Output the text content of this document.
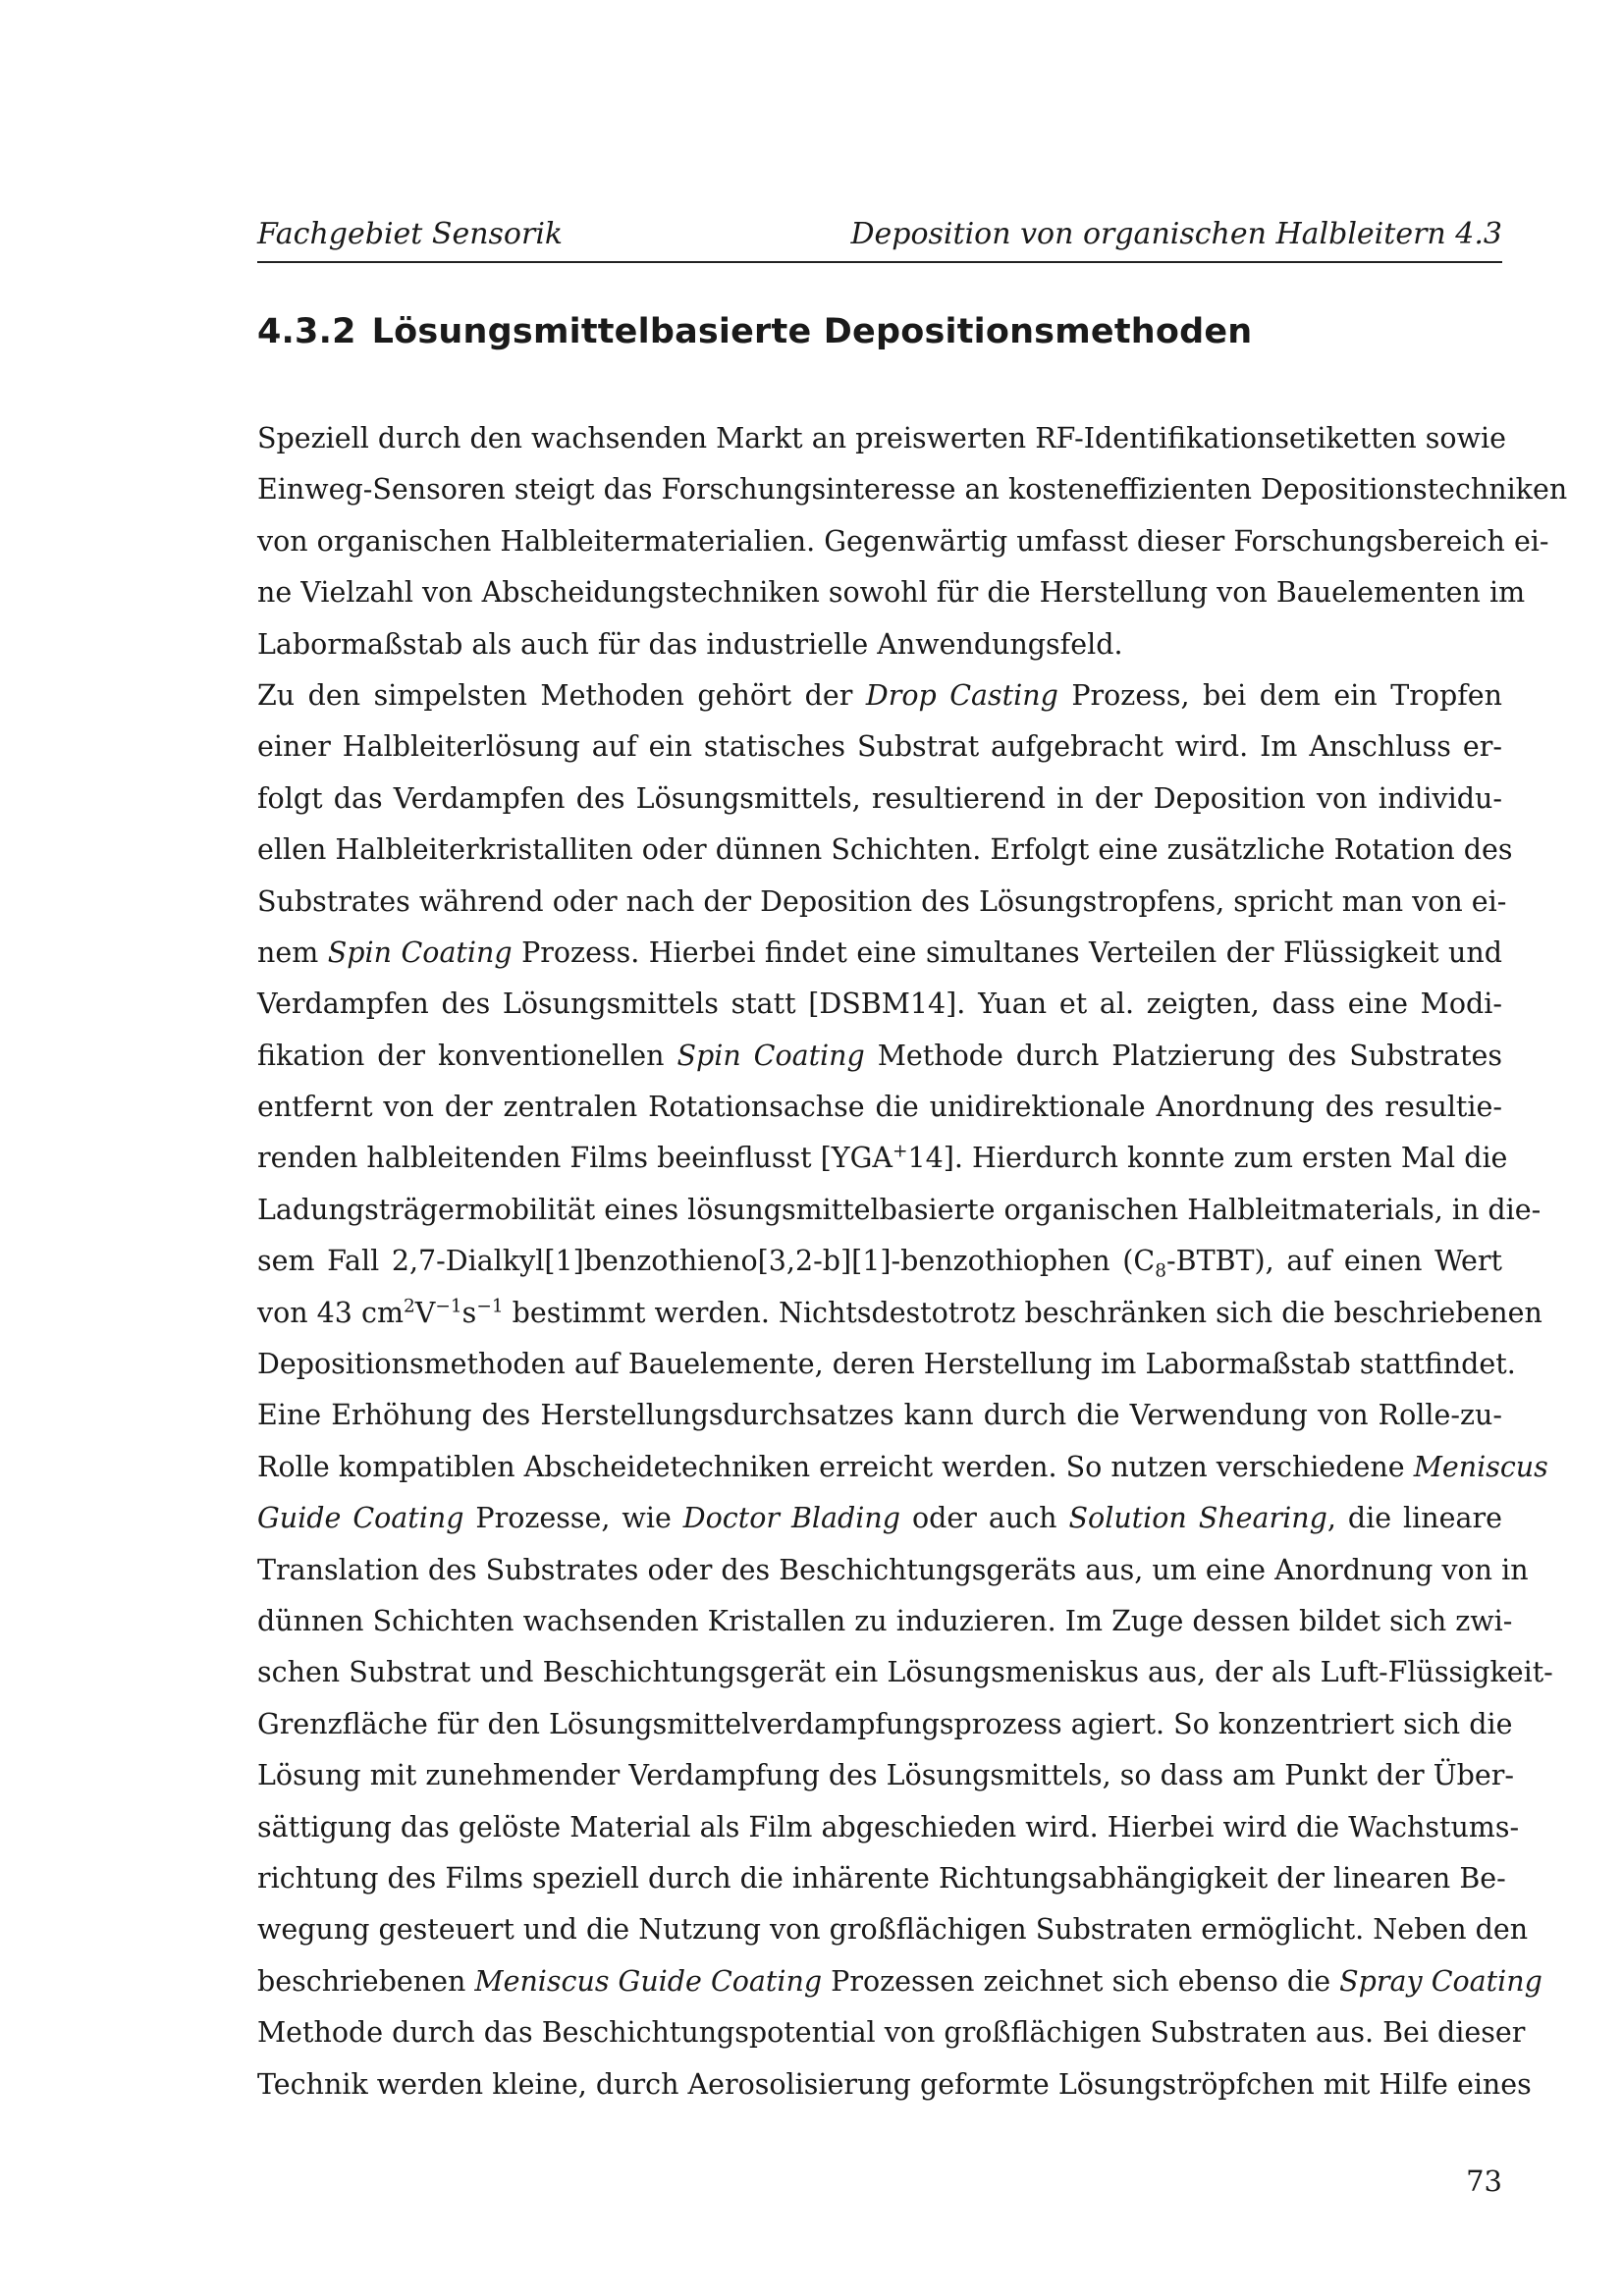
Fachgebiet Sensorik	Deposition von organischen Halbleitern 4.3
4.3.2 Lösungsmittelbasierte Depositionsmethoden
Speziell durch den wachsenden Markt an preiswerten RF-Identifikationsetiketten sowie
Einweg-Sensoren steigt das Forschungsinteresse an kosteneffizienten Depositionstechniken
von organischen Halbleitermaterialien. Gegenwärtig umfasst dieser Forschungsbereich ei-
ne Vielzahl von Abscheidungstechniken sowohl für die Herstellung von Bauelementen im
Labormaßstab als auch für das industrielle Anwendungsfeld.
Zu den simpelsten Methoden gehört der Drop Casting Prozess, bei dem ein Tropfen
einer Halbleiterlösung auf ein statisches Substrat aufgebracht wird. Im Anschluss er-
folgt das Verdampfen des Lösungsmittels, resultierend in der Deposition von individu-
ellen Halbleiterkristalliten oder dünnen Schichten. Erfolgt eine zusätzliche Rotation des
Substrates während oder nach der Deposition des Lösungstropfens, spricht man von ei-
nem Spin Coating Prozess. Hierbei findet eine simultanes Verteilen der Flüssigkeit und
Verdampfen des Lösungsmittels statt [DSBM14]. Yuan et al. zeigten, dass eine Modi-
fikation der konventionellen Spin Coating Methode durch Platzierung des Substrates
entfernt von der zentralen Rotationsachse die unidirektionale Anordnung des resultie-
renden halbleitenden Films beeinflusst [YGA+14]. Hierdurch konnte zum ersten Mal die
Ladungsträgermobilität eines lösungsmittelbasierte organischen Halbleitmaterials, in die-
sem Fall 2,7-Dialkyl[1]benzothieno[3,2-b][1]-benzothiophen $(C_8-BTBT)$, auf einen Wert
von 43 $cm^2V^{-1}s^{-1}$ bestimmt werden. Nichtsdestotrotz beschränken sich die beschriebenen
Depositionsmethoden auf Bauelemente, deren Herstellung im Labormaßstab stattfindet.
Eine Erhöhung des Herstellungsdurchsatzes kann durch die Verwendung von Rolle-zu-
Rolle kompatiblen Abscheidetechniken erreicht werden. So nutzen verschiedene Meniscus
Guide Coating Prozesse, wie Doctor Blading oder auch Solution Shearing, die lineare
Translation des Substrates oder des Beschichtungsgeräts aus, um eine Anordnung von in
dünnen Schichten wachsenden Kristallen zu induzieren. Im Zuge dessen bildet sich zwi-
schen Substrat und Beschichtungsgerät ein Lösungsmeniskus aus, der als Luft-Flüssigkeit-
Grenzfläche für den Lösungsmittelverdampfungsprozess agiert. So konzentriert sich die
Lösung mit zunehmender Verdampfung des Lösungsmittels, so dass am Punkt der Über-
sättigung das gelöste Material als Film abgeschieden wird. Hierbei wird die Wachstums-
richtung des Films speziell durch die inhärente Richtungsabhängigkeit der linearen Be-
wegung gesteuert und die Nutzung von großflächigen Substraten ermöglicht. Neben den
beschriebenen Meniscus Guide Coating Prozessen zeichnet sich ebenso die Spray Coating
Methode durch das Beschichtungspotential von großflächigen Substraten aus. Bei dieser
Technik werden kleine, durch Aerosolisierung geformte Lösungströpfchen mit Hilfe eines
73
